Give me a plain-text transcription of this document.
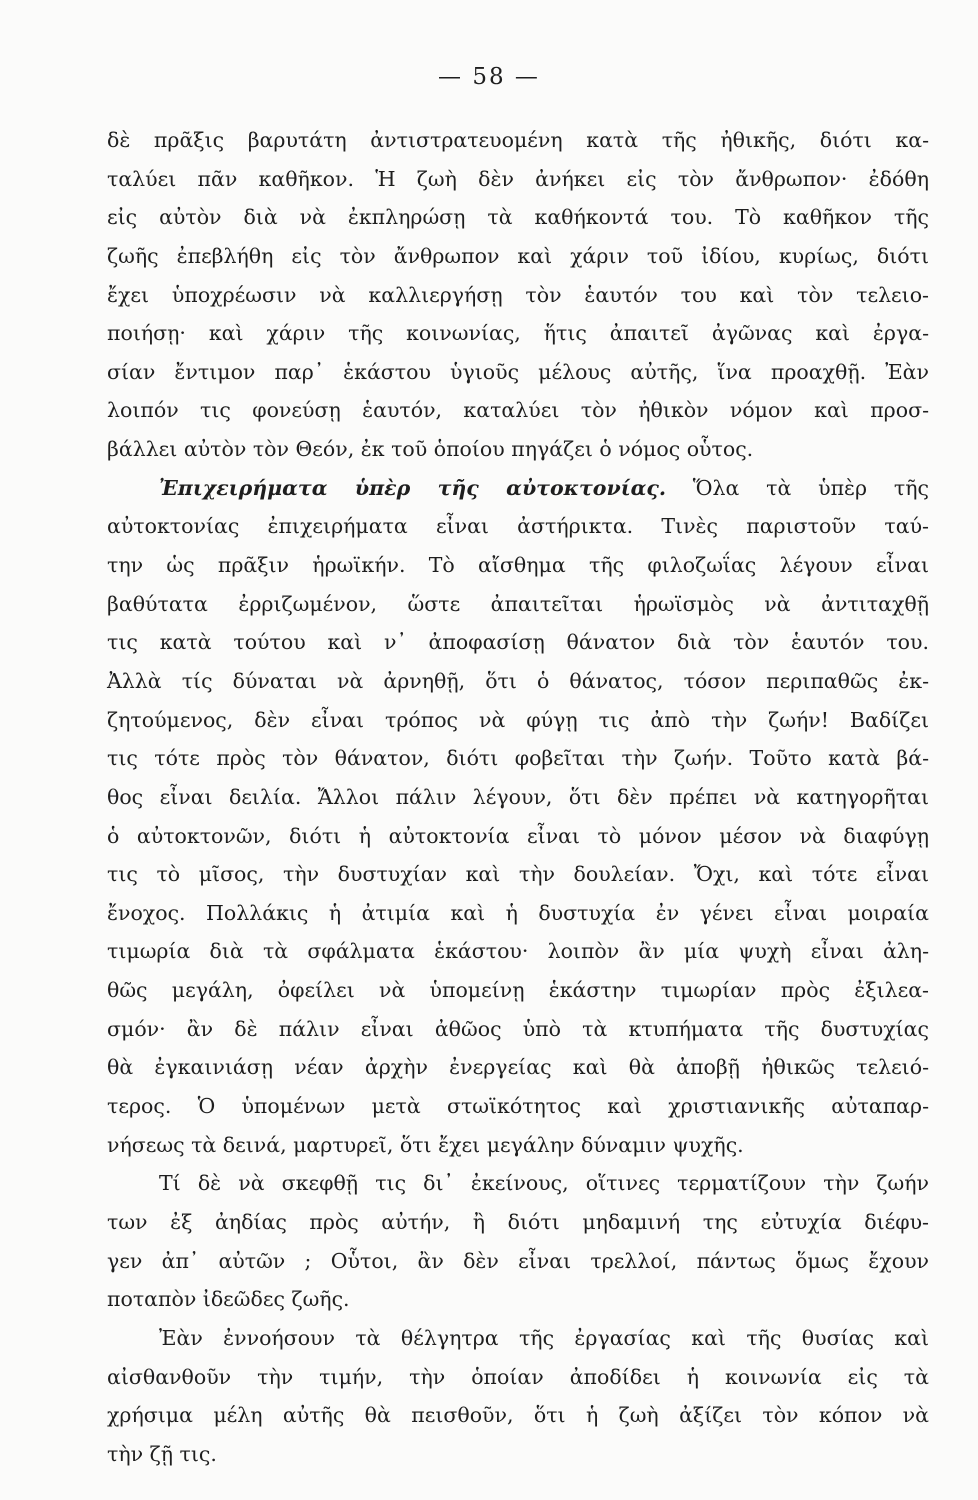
— 58 —
δὲ πρᾶξις βαρυτάτη ἀντιστρατευομένη κατὰ τῆς ἠθικῆς, διότι κα-
ταλύει πᾶν καθῆκον. Ἡ ζωὴ δὲν ἀνήκει εἰς τὸν ἄνθρωπον· ἐδόθη
εἰς αὐτὸν διὰ νὰ ἐκπληρώσῃ τὰ καθήκοντά του. Τὸ καθῆκον τῆς
ζωῆς ἐπεβλήθη εἰς τὸν ἄνθρωπον καὶ χάριν τοῦ ἰδίου, κυρίως, διότι
ἔχει ὑποχρέωσιν νὰ καλλιεργήσῃ τὸν ἑαυτόν του καὶ τὸν τελειο-
ποιήσῃ· καὶ χάριν τῆς κοινωνίας, ἥτις ἀπαιτεῖ ἀγῶνας καὶ ἐργα-
σίαν ἔντιμον παρ᾽ ἑκάστου ὑγιοῦς μέλους αὐτῆς, ἵνα προαχθῇ. Ἐὰν
λοιπόν τις φονεύσῃ ἑαυτόν, καταλύει τὸν ἠθικὸν νόμον καὶ προσ-
βάλλει αὐτὸν τὸν Θεόν, ἐκ τοῦ ὁποίου πηγάζει ὁ νόμος οὗτος.
Ἐπιχειρήματα ὑπὲρ τῆς αὐτοκτονίας. Ὅλα τὰ ὑπὲρ τῆς
αὐτοκτονίας ἐπιχειρήματα εἶναι ἀστήρικτα. Τινὲς παριστοῦν ταύ-
την ὡς πρᾶξιν ἡρωϊκήν. Τὸ αἴσθημα τῆς φιλοζωΐας λέγουν εἶναι
βαθύτατα ἐρριζωμένον, ὥστε ἀπαιτεῖται ἡρωϊσμὸς νὰ ἀντιταχθῇ
τις κατὰ τούτου καὶ ν᾽ ἀποφασίσῃ θάνατον διὰ τὸν ἑαυτόν του.
Ἀλλὰ τίς δύναται νὰ ἀρνηθῇ, ὅτι ὁ θάνατος, τόσον περιπαθῶς ἐκ-
ζητούμενος, δὲν εἶναι τρόπος νὰ φύγῃ τις ἀπὸ τὴν ζωήν! Βαδίζει
τις τότε πρὸς τὸν θάνατον, διότι φοβεῖται τὴν ζωήν. Τοῦτο κατὰ βά-
θος εἶναι δειλία. Ἄλλοι πάλιν λέγουν, ὅτι δὲν πρέπει νὰ κατηγορῆται
ὁ αὐτοκτονῶν, διότι ἡ αὐτοκτονία εἶναι τὸ μόνον μέσον νὰ διαφύγῃ
τις τὸ μῖσος, τὴν δυστυχίαν καὶ τὴν δουλείαν. Ὄχι, καὶ τότε εἶναι
ἔνοχος. Πολλάκις ἡ ἀτιμία καὶ ἡ δυστυχία ἐν γένει εἶναι μοιραία
τιμωρία διὰ τὰ σφάλματα ἑκάστου· λοιπὸν ἂν μία ψυχὴ εἶναι ἀλη-
θῶς μεγάλη, ὀφείλει νὰ ὑπομείνῃ ἑκάστην τιμωρίαν πρὸς ἐξιλεα-
σμόν· ἂν δὲ πάλιν εἶναι ἀθῶος ὑπὸ τὰ κτυπήματα τῆς δυστυχίας
θὰ ἐγκαινιάσῃ νέαν ἀρχὴν ἐνεργείας καὶ θὰ ἀποβῇ ἠθικῶς τελειό-
τερος. Ὁ ὑπομένων μετὰ στωϊκότητος καὶ χριστιανικῆς αὐταπαρ-
νήσεως τὰ δεινά, μαρτυρεῖ, ὅτι ἔχει μεγάλην δύναμιν ψυχῆς.
Τί δὲ νὰ σκεφθῇ τις δι᾽ ἐκείνους, οἵτινες τερματίζουν τὴν ζωήν
των ἐξ ἀηδίας πρὸς αὐτήν, ἢ διότι μηδαμινή της εὐτυχία διέφυ-
γεν ἀπ᾽ αὐτῶν ; Οὗτοι, ἂν δὲν εἶναι τρελλοί, πάντως ὅμως ἔχουν
ποταπὸν ἰδεῶδες ζωῆς.
Ἐὰν ἐννοήσουν τὰ θέλγητρα τῆς ἐργασίας καὶ τῆς θυσίας καὶ
αἰσθανθοῦν τὴν τιμήν, τὴν ὁποίαν ἀποδίδει ἡ κοινωνία εἰς τὰ
χρήσιμα μέλη αὐτῆς θὰ πεισθοῦν, ὅτι ἡ ζωὴ ἀξίζει τὸν κόπον νὰ
τὴν ζῇ τις.
